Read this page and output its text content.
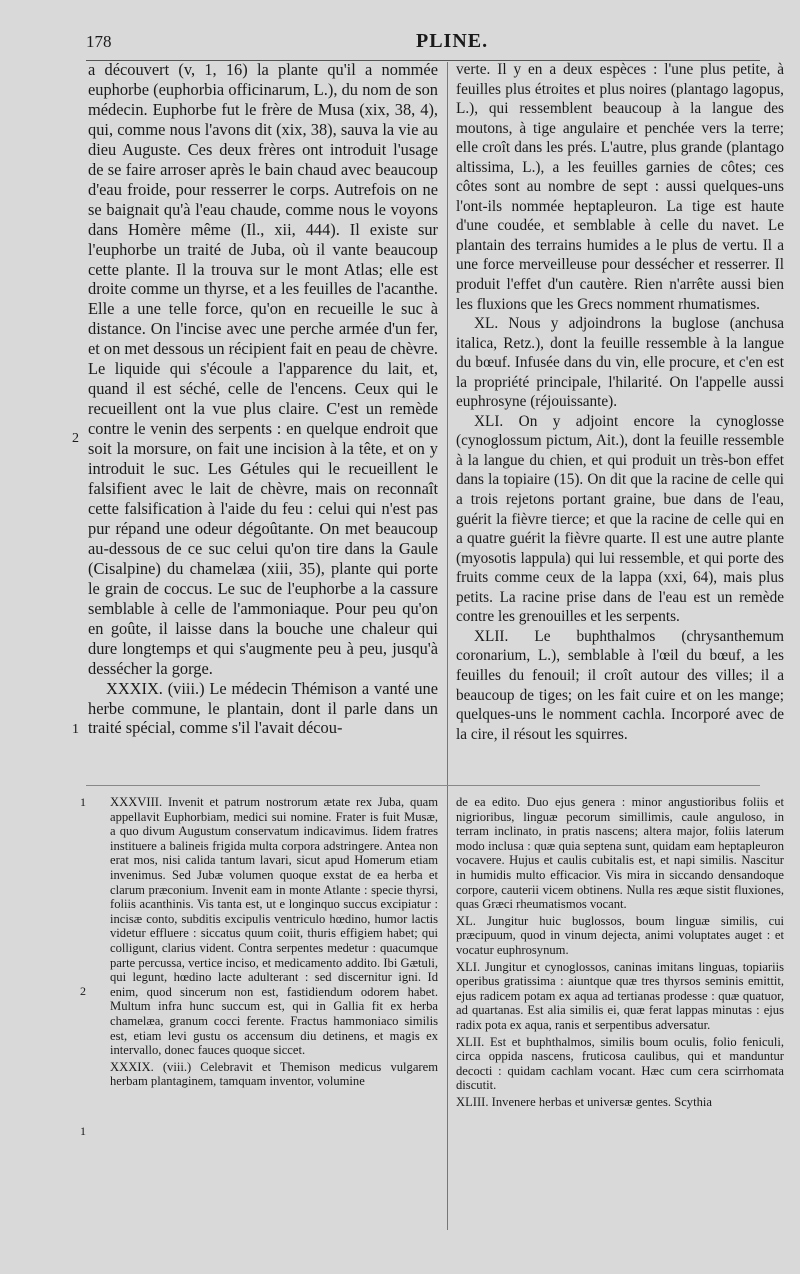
178	PLINE.

a découvert (v, 1, 16) la plante qu'il a nommée euphorbe (euphorbia officinarum, L.), du nom de son médecin. Euphorbe fut le frère de Musa (xix, 38, 4), qui, comme nous l'avons dit (xix, 38), sauva la vie au dieu Auguste. Ces deux frères ont introduit l'usage de se faire arroser après le bain chaud avec beaucoup d'eau froide, pour resserrer le corps. Autrefois on ne se baignait qu'à l'eau chaude, comme nous le voyons dans Homère même (Il., xii, 444). Il existe sur l'euphorbe un traité de Juba, où il vante beaucoup cette plante. Il la trouva sur le mont Atlas; elle est droite comme un thyrse, et a les feuilles de l'acanthe. Elle a une telle force, qu'on en recueille le suc à distance. On l'incise avec une perche armée d'un fer, et on met dessous un récipient fait en peau de chèvre. Le liquide qui s'écoule a l'apparence du lait, et, quand il est séché, celle de l'encens. Ceux qui le recueillent ont la vue plus claire. C'est un remède contre le venin des serpents : en quelque endroit que soit la morsure, on fait une incision à la tête, et on y introduit le suc. Les Gétules qui le recueillent le falsifient avec le lait de chèvre, mais on reconnaît cette falsification à l'aide du feu : celui qui n'est pas pur répand une odeur dégoûtante. On met beaucoup au-dessous de ce suc celui qu'on tire dans la Gaule (Cisalpine) du chamelæa (xiii, 35), plante qui porte le grain de coccus. Le suc de l'euphorbe a la cassure semblable à celle de l'ammoniaque. Pour peu qu'on en goûte, il laisse dans la bouche une chaleur qui dure longtemps et qui s'augmente peu à peu, jusqu'à dessécher la gorge.

XXXIX. (viii.) Le médecin Thémison a vanté une herbe commune, le plantain, dont il parle dans un traité spécial, comme s'il l'avait décou-

verte. Il y en a deux espèces : l'une plus petite, à feuilles plus étroites et plus noires (plantago lagopus, L.), qui ressemblent beaucoup à la langue des moutons, à tige angulaire et penchée vers la terre; elle croît dans les prés. L'autre, plus grande (plantago altissima, L.), a les feuilles garnies de côtes; ces côtes sont au nombre de sept : aussi quelques-uns l'ont-ils nommée heptapleuron. La tige est haute d'une coudée, et semblable à celle du navet. Le plantain des terrains humides a le plus de vertu. Il a une force merveilleuse pour dessécher et resserrer. Il produit l'effet d'un cautère. Rien n'arrête aussi bien les fluxions que les Grecs nomment rhumatismes.

XL. Nous y adjoindrons la buglose (anchusa italica, Retz.), dont la feuille ressemble à la langue du bœuf. Infusée dans du vin, elle procure, et c'en est la propriété principale, l'hilarité. On l'appelle aussi euphrosyne (réjouissante).

XLI. On y adjoint encore la cynoglosse (cynoglossum pictum, Ait.), dont la feuille ressemble à la langue du chien, et qui produit un très-bon effet dans la topiaire (15). On dit que la racine de celle qui a trois rejetons portant graine, bue dans de l'eau, guérit la fièvre tierce; et que la racine de celle qui en a quatre guérit la fièvre quarte. Il est une autre plante (myosotis lappula) qui lui ressemble, et qui porte des fruits comme ceux de la lappa (xxi, 64), mais plus petits. La racine prise dans de l'eau est un remède contre les grenouilles et les serpents.

XLII. Le buphthalmos (chrysanthemum coronarium, L.), semblable à l'œil du bœuf, a les feuilles du fenouil; il croît autour des villes; il a beaucoup de tiges; on les fait cuire et on les mange; quelques-uns le nomment cachla. Incorporé avec de la cire, il résout les squirres.

2
1

XXXVIII. Invenit et patrum nostrorum ætate rex Juba, quam appellavit Euphorbiam, medici sui nomine. Frater is fuit Musæ, a quo divum Augustum conservatum indicavimus. Iidem fratres instituere a balineis frigida multa corpora adstringere. Antea non erat mos, nisi calida tantum lavari, sicut apud Homerum etiam invenimus. Sed Jubæ volumen quoque exstat de ea herba et clarum præconium. Invenit eam in monte Atlante : specie thyrsi, foliis acanthinis. Vis tanta est, ut e longinquo succus excipiatur : incisæ conto, subditis excipulis ventriculo hœdino, humor lactis videtur effluere : siccatus quum coiit, thuris effigiem habet; qui colligunt, clarius vident. Contra serpentes medetur : quacumque parte percussa, vertice inciso, et medicamento addito. Ibi Gætuli, qui legunt, hœdino lacte adulterant : sed discernitur igni. Id enim, quod sincerum non est, fastidiendum odorem habet. Multum infra hunc succum est, qui in Gallia fit ex herba chamelæa, granum cocci ferente. Fractus hammoniaco similis est, etiam levi gustu os accensum diu detinens, et magis ex intervallo, donec fauces quoque siccet.

XXXIX. (viii.) Celebravit et Themison medicus vulgarem herbam plantaginem, tamquam inventor, volumine

de ea edito. Duo ejus genera : minor angustioribus foliis et nigrioribus, linguæ pecorum simillimis, caule anguloso, in terram inclinato, in pratis nascens; altera major, foliis laterum modo inclusa : quæ quia septena sunt, quidam eam heptapleuron vocavere. Hujus et caulis cubitalis est, et napi similis. Nascitur in humidis multo efficacior. Vis mira in siccando densandoque corpore, cauterii vicem obtinens. Nulla res æque sistit fluxiones, quas Græci rheumatismos vocant.

XL. Jungitur huic buglossos, boum linguæ similis, cui præcipuum, quod in vinum dejecta, animi voluptates auget : et vocatur euphrosynum.

XLI. Jungitur et cynoglossos, caninas imitans linguas, topiariis operibus gratissima : aiuntque quæ tres thyrsos seminis emittit, ejus radicem potam ex aqua ad tertianas prodesse : quæ quatuor, ad quartanas. Est alia similis ei, quæ ferat lappas minutas : ejus radix pota ex aqua, ranis et serpentibus adversatur.

XLII. Est et buphthalmos, similis boum oculis, folio feniculi, circa oppida nascens, fruticosa caulibus, qui et manduntur decocti : quidam cachlam vocant. Hæc cum cera scirrhomata discutit.

XLIII. Invenere herbas et universæ gentes. Scythia

1
2
1
